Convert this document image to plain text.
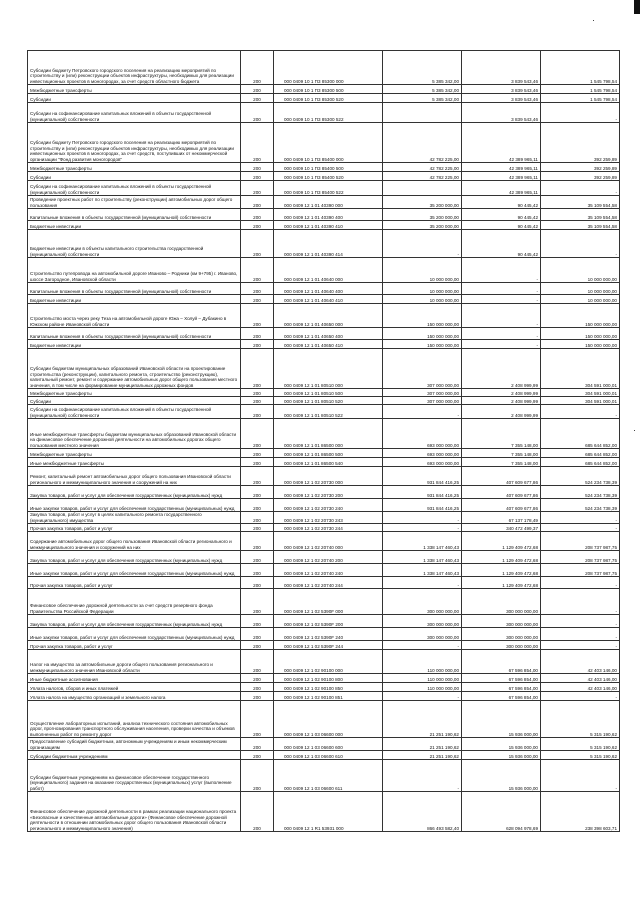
Субсидии бюджету Петровского городского поселения на реализацию мероприятий по строительству и (или) реконструкции объектов инфраструктуры, необходимых для реализации инвестиционных проектов в моногородах, за счет средств областного бюджета	200	000 0409 10 1 П3 85300 000	5 385 342,00	3 839 543,46	1 545 798,54
Межбюджетные трансферты	200	000 0409 10 1 П3 85300 500	5 385 342,00	3 839 543,46	1 545 798,54
Субсидии	200	000 0409 10 1 П3 85300 520	5 385 342,00	3 839 543,46	1 545 798,54
Субсидии на софинансирование капитальных вложений в объекты государственной (муниципальной) собственности	200	000 0409 10 1 П3 85300 522		3 839 543,46	-
Субсидии бюджету Петровского городского поселения на реализацию мероприятий по строительству и (или) реконструкции объектов инфраструктуры, необходимых для реализации инвестиционных проектов в моногородах, за счет средств, поступивших от некоммерческой организации "Фонд развития моногородов"	200	000 0409 10 1 П3 85400 000	42 782 225,00	42 389 965,11	392 259,89
Межбюджетные трансферты	200	000 0409 10 1 П3 85400 500	42 782 225,00	42 389 965,11	392 259,89
Субсидии	200	000 0409 10 1 П3 85400 520	42 782 225,00	42 389 965,11	392 259,89
Субсидии на софинансирование капитальных вложений в объекты государственной (муниципальной) собственности	200	000 0409 10 1 П3 85400 522		42 389 965,11	-
Проведение проектных работ по строительству (реконструкции) автомобильных дорог общего пользования	200	000 0409 12 1 01 40390 000	35 200 000,00	90 445,42	35 109 554,58
Капитальные вложения в объекты государственной (муниципальной) собственности	200	000 0409 12 1 01 40390 400	35 200 000,00	90 445,42	35 109 554,58
Бюджетные инвестиции	200	000 0409 12 1 01 40390 410	35 200 000,00	90 445,42	35 109 554,58
Бюджетные инвестиции в объекты капитального строительства государственной (муниципальной) собственности	200	000 0409 12 1 01 40390 414	-	90 445,42	-
Строительство путепровода на автомобильной дороге Иваново – Родники (км 9+795) г. Иваново, шоссе Загородное, Ивановской области	200	000 0409 12 1 01 40640 000	10 000 000,00	-	10 000 000,00
Капитальные вложения в объекты государственной (муниципальной) собственности	200	000 0409 12 1 01 40640 400	10 000 000,00	-	10 000 000,00
Бюджетные инвестиции	200	000 0409 12 1 01 40640 410	10 000 000,00	-	10 000 000,00
Строительство моста через реку Теза на автомобильной дороге Южа – Холуй – Дубакино в Южском районе Ивановской области	200	000 0409 12 1 01 40650 000	150 000 000,00	-	150 000 000,00
Капитальные вложения в объекты государственной (муниципальной) собственности	200	000 0409 12 1 01 40650 400	150 000 000,00	-	150 000 000,00
Бюджетные инвестиции	200	000 0409 12 1 01 40650 410	150 000 000,00	-	150 000 000,00
Субсидии бюджетам муниципальных образований Ивановской области на проектирование строительства (реконструкции), капитального ремонта, строительство (реконструкцию), капитальный ремонт, ремонт и содержание автомобильных дорог общего пользования местного значения, в том числе на формирование муниципальных дорожных фондов	200	000 0409 12 1 01 80510 000	307 000 000,00	2 408 999,99	304 591 000,01
Межбюджетные трансферты	200	000 0409 12 1 01 80510 500	307 000 000,00	2 408 999,99	304 591 000,01
Субсидии	200	000 0409 12 1 01 80510 520	307 000 000,00	2 408 999,99	304 591 000,01
Субсидии на софинансирование капитальных вложений в объекты государственной (муниципальной) собственности	200	000 0409 12 1 01 80510 522	-	2 408 999,99	-
Иные межбюджетные трансферты бюджетам муниципальных образований Ивановской области на финансовое обеспечение дорожной деятельности на автомобильных дорогах общего пользования местного значения	200	000 0409 12 1 01 86500 000	693 000 000,00	7 355 148,00	685 644 852,00
Межбюджетные трансферты	200	000 0409 12 1 01 86500 500	693 000 000,00	7 355 148,00	685 644 852,00
Иные межбюджетные трансферты	200	000 0409 12 1 01 86500 540	693 000 000,00	7 355 148,00	685 644 852,00
Ремонт, капитальный ремонт автомобильных дорог общего пользования Ивановской области регионального и межмуниципального значения и сооружений на них	200	000 0409 12 1 02 20730 000	931 844 416,25	407 609 677,86	524 234 738,39
Закупка товаров, работ и услуг для обеспечения государственных (муниципальных) нужд	200	000 0409 12 1 02 20730 200	931 844 416,25	407 609 677,86	524 234 738,39
Иные закупки товаров, работ и услуг для обеспечения государственных (муниципальных) нужд	200	000 0409 12 1 02 20730 240	931 844 416,25	407 609 677,86	524 234 738,39
Закупка товаров, работ и услуг в целях капитального ремонта государственного (муниципального) имущества	200	000 0409 12 1 02 20730 243	-	67 137 178,49	-
Прочая закупка товаров, работ и услуг	200	000 0409 12 1 02 20730 244	-	340 472 499,37	-
Содержание автомобильных дорог общего пользования Ивановской области регионального и межмуниципального значения и сооружений на них	200	000 0409 12 1 02 20740 000	1 338 147 460,43	1 129 409 472,68	208 737 987,75
Закупка товаров, работ и услуг для обеспечения государственных (муниципальных) нужд	200	000 0409 12 1 02 20740 200	1 338 147 460,43	1 129 409 472,68	208 737 987,75
Иные закупки товаров, работ и услуг для обеспечения государственных (муниципальных) нужд	200	000 0409 12 1 02 20740 240	1 338 147 460,43	1 129 409 472,68	208 737 987,75
Прочая закупка товаров, работ и услуг	200	000 0409 12 1 02 20740 244	-	1 129 409 472,68	-
Финансовое обеспечение дорожной деятельности за счет средств резервного фонда Правительства Российской Федерации	200	000 0409 12 1 02 5390F 000	300 000 000,00	300 000 000,00	-
Закупка товаров, работ и услуг для обеспечения государственных (муниципальных) нужд	200	000 0409 12 1 02 5390F 200	300 000 000,00	300 000 000,00	-
Иные закупки товаров, работ и услуг для обеспечения государственных (муниципальных) нужд	200	000 0409 12 1 02 5390F 240	300 000 000,00	300 000 000,00	-
Прочая закупка товаров, работ и услуг	200	000 0409 12 1 02 5390F 244	-	300 000 000,00	-
Налог на имущество за автомобильные дороги общего пользования регионального и межмуниципального значения Ивановской области	200	000 0409 12 1 02 90100 000	110 000 000,00	67 596 854,00	42 403 146,00
Иные бюджетные ассигнования	200	000 0409 12 1 02 90100 800	110 000 000,00	67 596 854,00	42 403 146,00
Уплата налогов, сборов и иных платежей	200	000 0409 12 1 02 90100 850	110 000 000,00	67 596 854,00	42 403 146,00
Уплата налога на имущество организаций и земельного налога	200	000 0409 12 1 02 90100 851	-	67 596 854,00	-
Осуществление лабораторных испытаний, анализа технического состояния автомобильных дорог, прогнозирования транспортного обслуживания населения, проверки качества и объемов выполненных работ по ремонту дорог	200	000 0409 12 1 03 06600 000	21 251 190,62	15 936 000,00	5 315 190,62
Предоставление субсидий бюджетным, автономным учреждениям и иным некоммерческим организациям	200	000 0409 12 1 03 06600 600	21 251 190,62	15 936 000,00	5 315 190,62
Субсидии бюджетным учреждениям	200	000 0409 12 1 03 06600 610	21 251 190,62	15 936 000,00	5 315 190,62
Субсидии бюджетным учреждениям на финансовое обеспечение государственного (муниципального) задания на оказание государственных (муниципальных) услуг (выполнение работ)	200	000 0409 12 1 03 06600 611	-	15 936 000,00	-
Финансовое обеспечение дорожной деятельности в рамках реализации национального проекта «Безопасные и качественные автомобильные дороги» (Финансовое обеспечение дорожной деятельности в отношении автомобильных дорог общего пользования Ивановской области регионального и межмуниципального значения)	200	000 0409 12 1 R1 53931 000	866 493 582,40	628 094 978,69	238 398 603,71
